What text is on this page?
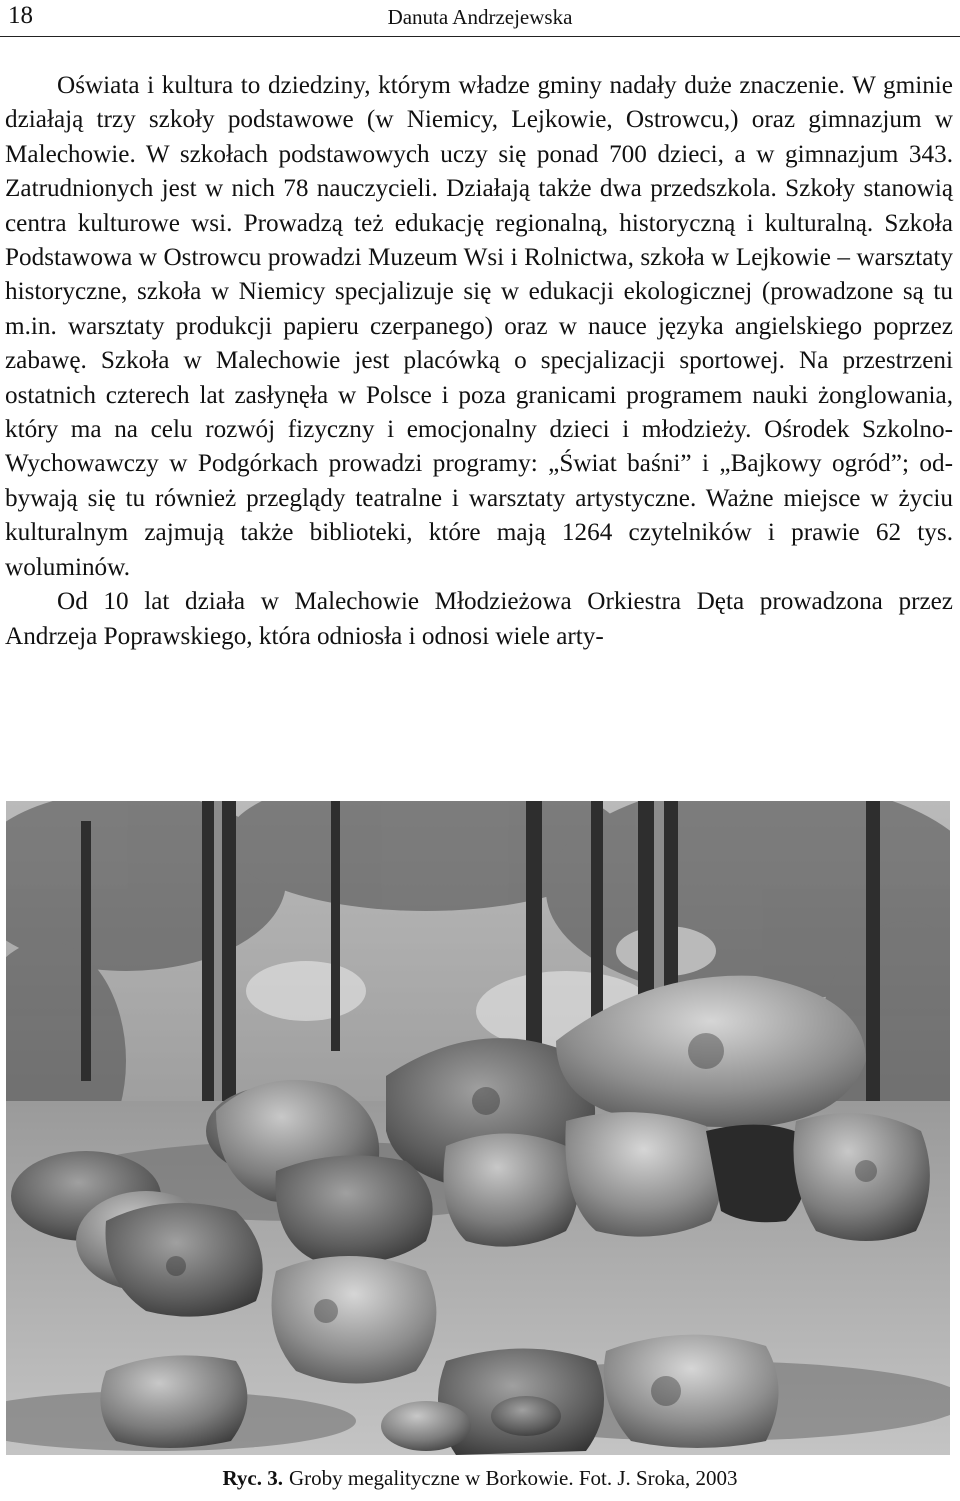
18	Danuta Andrzejewska

Oświata i kultura to dziedziny, którym władze gminy nadały duże znaczenie. W gminie działają trzy szkoły podstawowe (w Niemicy, Lejkowie, Ostrowcu,) oraz gimnazjum w Malechowie. W szkołach podstawowych uczy się ponad 700 dzieci, a w gimnazjum 343. Zatrudnionych jest w nich 78 nauczycieli. Działają także dwa przedszkola. Szkoły stanowią centra kulturowe wsi. Prowadzą też edukację regionalną, historyczną i kulturalną. Szkoła Podstawowa w Ostrowcu prowadzi Muzeum Wsi i Rolnictwa, szkoła w Lejkowie – warsztaty historyczne, szkoła w Niemicy specjalizuje się w edukacji ekologicznej (prowadzone są tu m.in. warsztaty produkcji papieru czerpanego) oraz w nauce języka angielskiego poprzez zabawę. Szkoła w Malechowie jest placówką o specjalizacji sportowej. Na przestrzeni ostatnich czterech lat zasłynęła w Polsce i poza granicami programem nauki żonglowania, który ma na celu rozwój fizyczny i emocjonalny dzieci i młodzieży. Ośrodek Szkolno-Wychowawczy w Podgórkach prowadzi programy: „Świat baśni” i „Bajkowy ogród”; odbywają się tu również przeglądy teatralne i warsztaty artystyczne. Ważne miejsce w życiu kulturalnym zajmują także biblioteki, które mają 1264 czytelników i prawie 62 tys. woluminów.

Od 10 lat działa w Malechowie Młodzieżowa Orkiestra Dęta prowadzona przez Andrzeja Poprawskiego, która odniosła i odnosi wiele arty-

Ryc. 3. Groby megalityczne w Borkowie. Fot. J. Sroka, 2003
